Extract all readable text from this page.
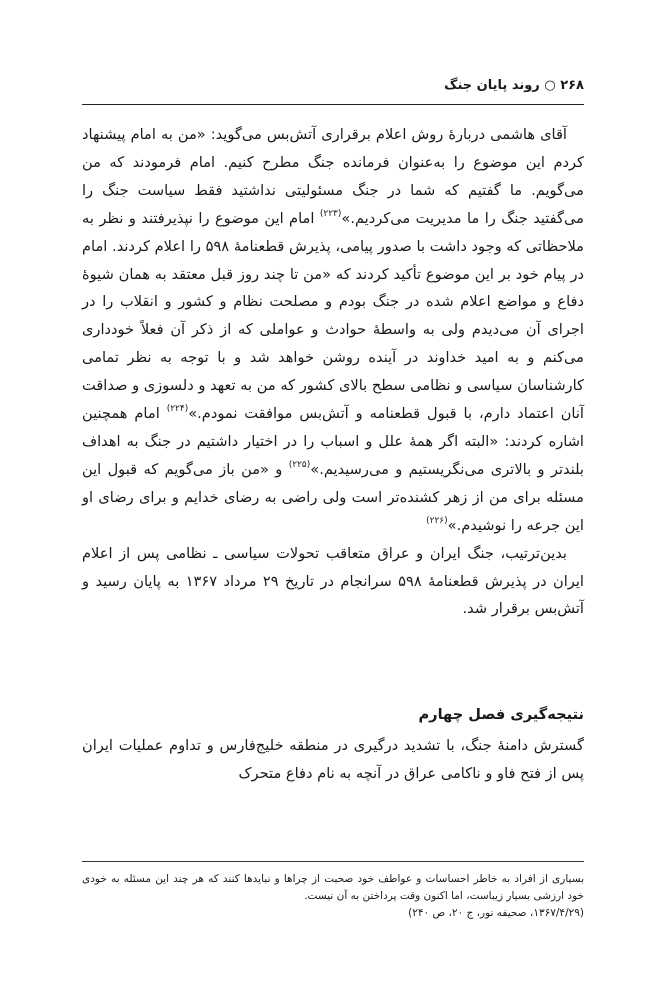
۲۶۸ ○ روند پایان جنگ

آقای هاشمی دربارهٔ روش اعلام برقراری آتش‌بس می‌گوید: «من به امام پیشنهاد کردم این موضوع را به‌عنوان فرمانده جنگ مطرح کنیم. امام فرمودند که من می‌گویم. ما گفتیم که شما در جنگ مسئولیتی نداشتید فقط سیاست جنگ را می‌گفتید جنگ را ما مدیریت می‌کردیم.»$^{(۲۲۳)}$ امام این موضوع را نپذیرفتند و نظر به ملاحظاتی که وجود داشت با صدور پیامی، پذیرش قطعنامهٔ ۵۹۸ را اعلام کردند. امام در پیام خود بر این موضوع تأکید کردند که «من تا چند روز قبل معتقد به همان شیوهٔ دفاع و مواضع اعلام شده در جنگ بودم و مصلحت نظام و کشور و انقلاب را در اجرای آن می‌دیدم ولی به واسطهٔ حوادث و عواملی که از ذکر آن فعلاً خودداری می‌کنم و به امید خداوند در آینده روشن خواهد شد و با توجه به نظر تمامی کارشناسان سیاسی و نظامی سطح بالای کشور که من به تعهد و دلسوزی و صداقت آنان اعتماد دارم، با قبول قطعنامه و آتش‌بس موافقت نمودم.»$^{(۲۲۴)}$ امام همچنین اشاره کردند: «البته اگر همهٔ علل و اسباب را در اختیار داشتیم در جنگ به اهداف بلندتر و بالاتری می‌نگریستیم و می‌رسیدیم.»$^{(۲۲۵)}$ و «من باز می‌گویم که قبول این مسئله برای من از زهر کشنده‌تر است ولی راضی به رضای خدایم و برای رضای او این جرعه را نوشیدم.»$^{(۲۲۶)}$

بدین‌ترتیب، جنگ ایران و عراق متعاقب تحولات سیاسی ـ نظامی پس از اعلام ایران در پذیرش قطعنامهٔ ۵۹۸ سرانجام در تاریخ ۲۹ مرداد ۱۳۶۷ به پایان رسید و آتش‌بس برقرار شد.

نتیجه‌گیری فصل چهارم

گسترش دامنهٔ جنگ، با تشدید درگیری در منطقه خلیج‌فارس و تداوم عملیات ایران پس از فتح فاو و ناکامی عراق در آنچه به نام دفاع متحرک

بسیاری از افراد به خاطر احساسات و عواطف خود صحبت از چراها و نبایدها کنند که هر چند این مسئله به خودی خود ارزشی بسیار زیباست، اما اکنون وقت پرداختن به آن نیست.

(۱۳۶۷/۴/۲۹، صحیفه نور، ج ۲۰، ص ۲۴۰)
